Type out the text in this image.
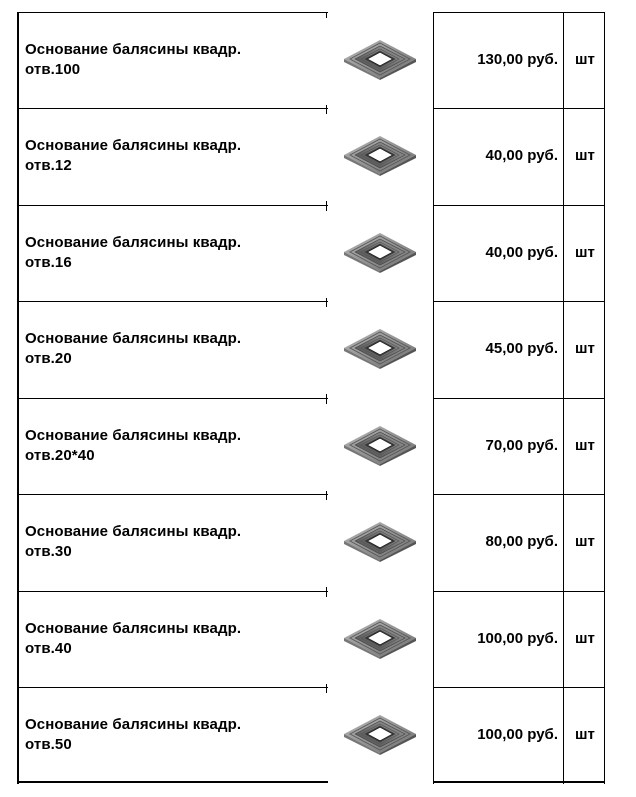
Основание балясины квадр.
отв.100
130,00 руб. шт
Основание балясины квадр.
отв.12
40,00 руб. шт
Основание балясины квадр.
отв.16
40,00 руб. шт
Основание балясины квадр.
отв.20
45,00 руб. шт
Основание балясины квадр.
отв.20*40
70,00 руб. шт
Основание балясины квадр.
отв.30
80,00 руб. шт
Основание балясины квадр.
отв.40
100,00 руб. шт
Основание балясины квадр.
отв.50
100,00 руб. шт
